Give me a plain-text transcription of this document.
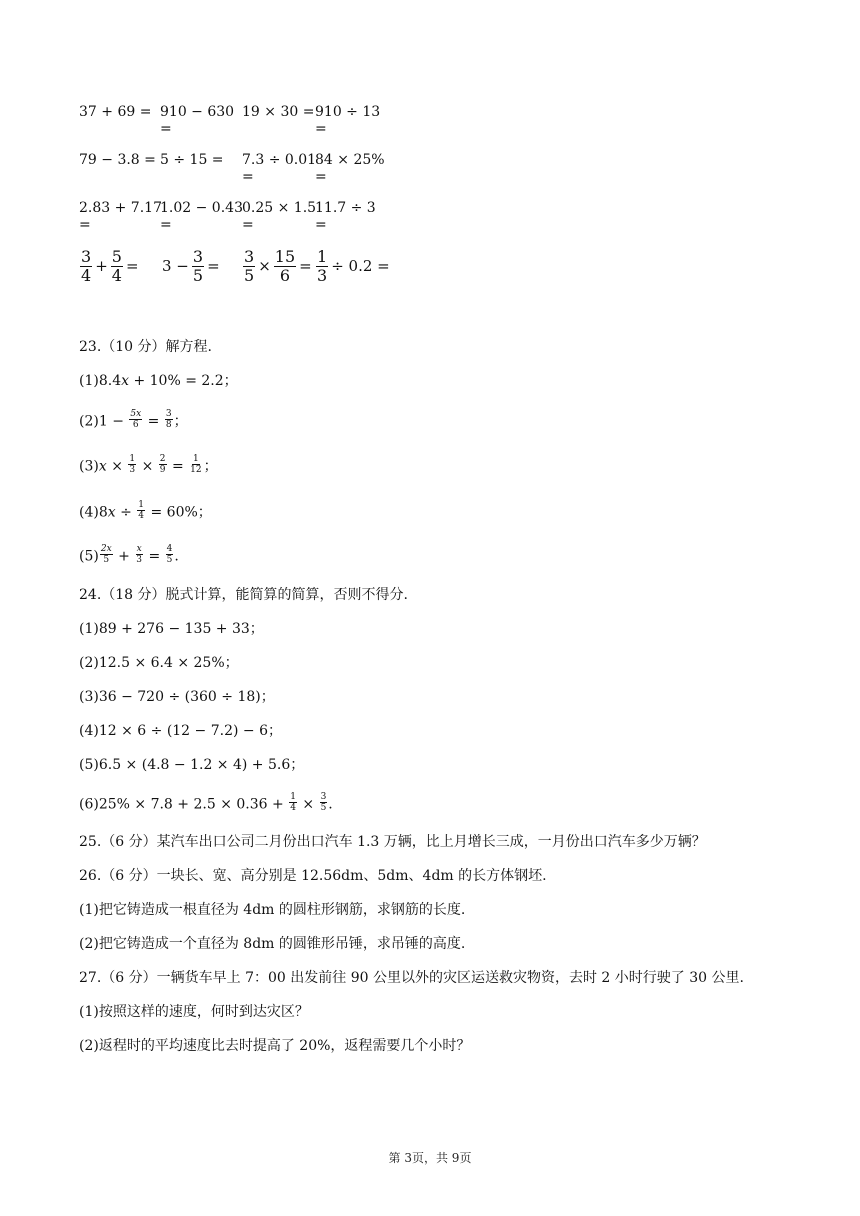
37 + 69 = 910 − 630
=
19 × 30 = 910 ÷ 13
=
79 − 3.8 = 5 ÷ 15 = 7.3 ÷ 0.01
=
84 × 25%
=
2.83 + 7.17
=
1.02 − 0.43
=
0.25 × 1.5
=
11.7 ÷ 3
=
3
$4 + \frac{5}{4} = 3 - \frac{3}{5} = \frac{3}{5} \times \frac{15}{6} = \frac{1}{3} \div 0.2$ =
23.（10 分）解方程.
(1)8.4x + 10% = 2.2；
$(2)1 - \frac{5x}{6} = \frac{3}{8}$ ；
$(3)x \times \frac{1}{3} \times \frac{2}{9} = \frac{1}{12}$ ；
$(4)8x \div \frac{1}{4} = 60\%$；
$(5) \frac{2x}{5} + \frac{x}{3} = \frac{4}{5}$ .
24.（18 分）脱式计算，能简算的简算，否则不得分.
(1)89 + 276 − 135 + 33；
(2)12.5 × 6.4 × 25%；
(3)36 − 720 ÷ (360 ÷ 18)；
(4)12 × 6 ÷ (12 − 7.2) − 6；
(5)6.5 × (4.8 − 1.2 × 4) + 5.6；
$(6)25\% \times 7.8 + 2.5 \times 0.36 + \frac{1}{4} \times \frac{3}{5}$ .
25.（6 分）某汽车出口公司二月份出口汽车 1.3 万辆，比上月增长三成，一月份出口汽车多少万辆？
26.（6 分）一块长、宽、高分别是 12.56dm、5dm、4dm 的长方体钢坯.
(1)把它铸造成一根直径为 4dm 的圆柱形钢筋，求钢筋的长度.
(2)把它铸造成一个直径为 8dm 的圆锥形吊锤，求吊锤的高度.
27.（6 分）一辆货车早上 7：00 出发前往 90 公里以外的灾区运送救灾物资，去时 2 小时行驶了 30 公里.
(1)按照这样的速度，何时到达灾区？
(2)返程时的平均速度比去时提高了 20%，返程需要几个小时？
第 3页，共 9页
